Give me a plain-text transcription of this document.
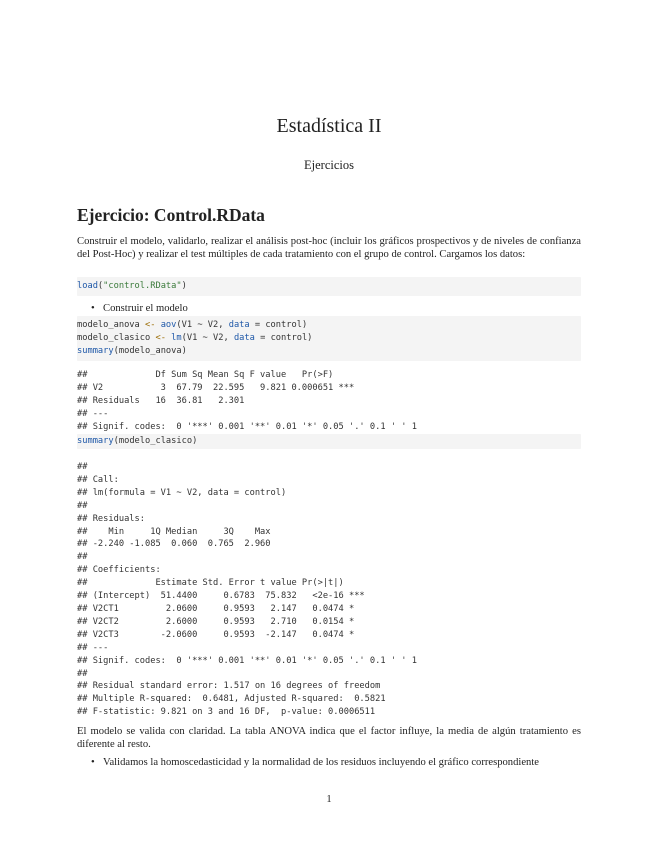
Estadística II
Ejercicios
Ejercicio: Control.RData
Construir el modelo, validarlo, realizar el análisis post-hoc (incluir los gráficos prospectivos y de niveles de confianza del Post-Hoc) y realizar el test múltiples de cada tratamiento con el grupo de control. Cargamos los datos:
load("control.RData")
• Construir el modelo
modelo_anova <- aov(V1 ~ V2, data = control)
modelo_clasico <- lm(V1 ~ V2, data = control)
summary(modelo_anova)
##             Df Sum Sq Mean Sq F value   Pr(>F)
## V2           3  67.79  22.595   9.821 0.000651 ***
## Residuals   16  36.81   2.301
## ---
## Signif. codes:  0 '***' 0.001 '**' 0.01 '*' 0.05 '.' 0.1 ' ' 1
summary(modelo_clasico)
##
## Call:
## lm(formula = V1 ~ V2, data = control)
##
## Residuals:
##    Min     1Q Median     3Q    Max
## -2.240 -1.085  0.060  0.765  2.960
##
## Coefficients:
##             Estimate Std. Error t value Pr(>|t|)
## (Intercept)  51.4400     0.6783  75.832   <2e-16 ***
## V2CT1         2.0600     0.9593   2.147   0.0474 *
## V2CT2         2.6000     0.9593   2.710   0.0154 *
## V2CT3        -2.0600     0.9593  -2.147   0.0474 *
## ---
## Signif. codes:  0 '***' 0.001 '**' 0.01 '*' 0.05 '.' 0.1 ' ' 1
##
## Residual standard error: 1.517 on 16 degrees of freedom
## Multiple R-squared:  0.6481, Adjusted R-squared:  0.5821
## F-statistic: 9.821 on 3 and 16 DF,  p-value: 0.0006511
El modelo se valida con claridad. La tabla ANOVA indica que el factor influye, la media de algún tratamiento es diferente al resto.
• Validamos la homoscedasticidad y la normalidad de los residuos incluyendo el gráfico correspondiente
1
